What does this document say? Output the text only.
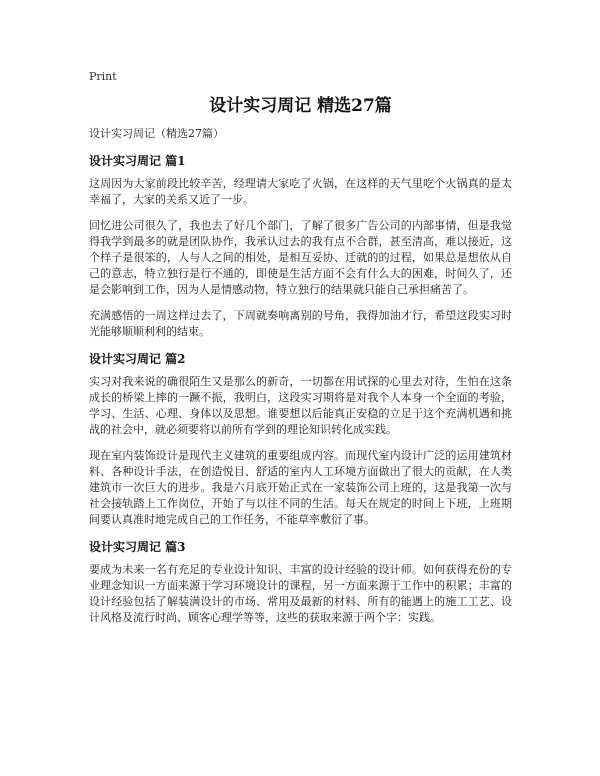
Print
设计实习周记 精选27篇
设计实习周记（精选27篇）
设计实习周记 篇1

这周因为大家前段比较辛苦，经理请大家吃了火锅，在这样的天气里吃个火锅真的是太幸福了，大家的关系又近了一步。

回忆进公司很久了，我也去了好几个部门，了解了很多广告公司的内部事情，但是我觉得我学到最多的就是团队协作，我承认过去的我有点不合群，甚至清高，难以接近，这个样子是很笨的，人与人之间的相处，是相互妥协、迁就的的过程，如果总是想依从自己的意志，特立独行是行不通的，即使是生活方面不会有什么大的困难，时间久了，还是会影响到工作，因为人是情感动物，特立独行的结果就只能自己承担痛苦了。

充满感悟的一周这样过去了，下周就奏响离别的号角，我得加油才行，希望这段实习时光能够顺顺利利的结束。

设计实习周记 篇2

实习对我来说的确很陌生又是那么的新奇，一切都在用试探的心里去对待，生怕在这条成长的桥梁上摔的一蹶不振，我明白，这段实习期将是对我个人本身一个全面的考验，学习、生活、心理、身体以及思想。谁要想以后能真正安稳的立足于这个充满机遇和挑战的社会中，就必须要将以前所有学到的理论知识转化成实践。

现在室内装饰设计是现代主义建筑的重要组成内容。而现代室内设计广泛的运用建筑材料、各种设计手法，在创造悦目、舒适的室内人工环境方面做出了很大的贡献，在人类建筑市一次巨大的进步。我是六月底开始正式在一家装饰公司上班的，这是我第一次与社会接轨踏上工作岗位，开始了与以往不同的生活。每天在规定的时间上下班，上班期间要认真准时地完成自己的工作任务，不能草率敷衍了事。

设计实习周记 篇3

要成为未来一名有充足的专业设计知识、丰富的设计经验的设计师。如何获得充份的专业理念知识一方面来源于学习环境设计的课程，另一方面来源于工作中的积累；丰富的设计经验包括了解装满设计的市场、常用及最新的材料、所有的能遇上的施工工艺、设计风格及流行时尚、顾客心理学等等，这些的获取来源于两个字：实践。
